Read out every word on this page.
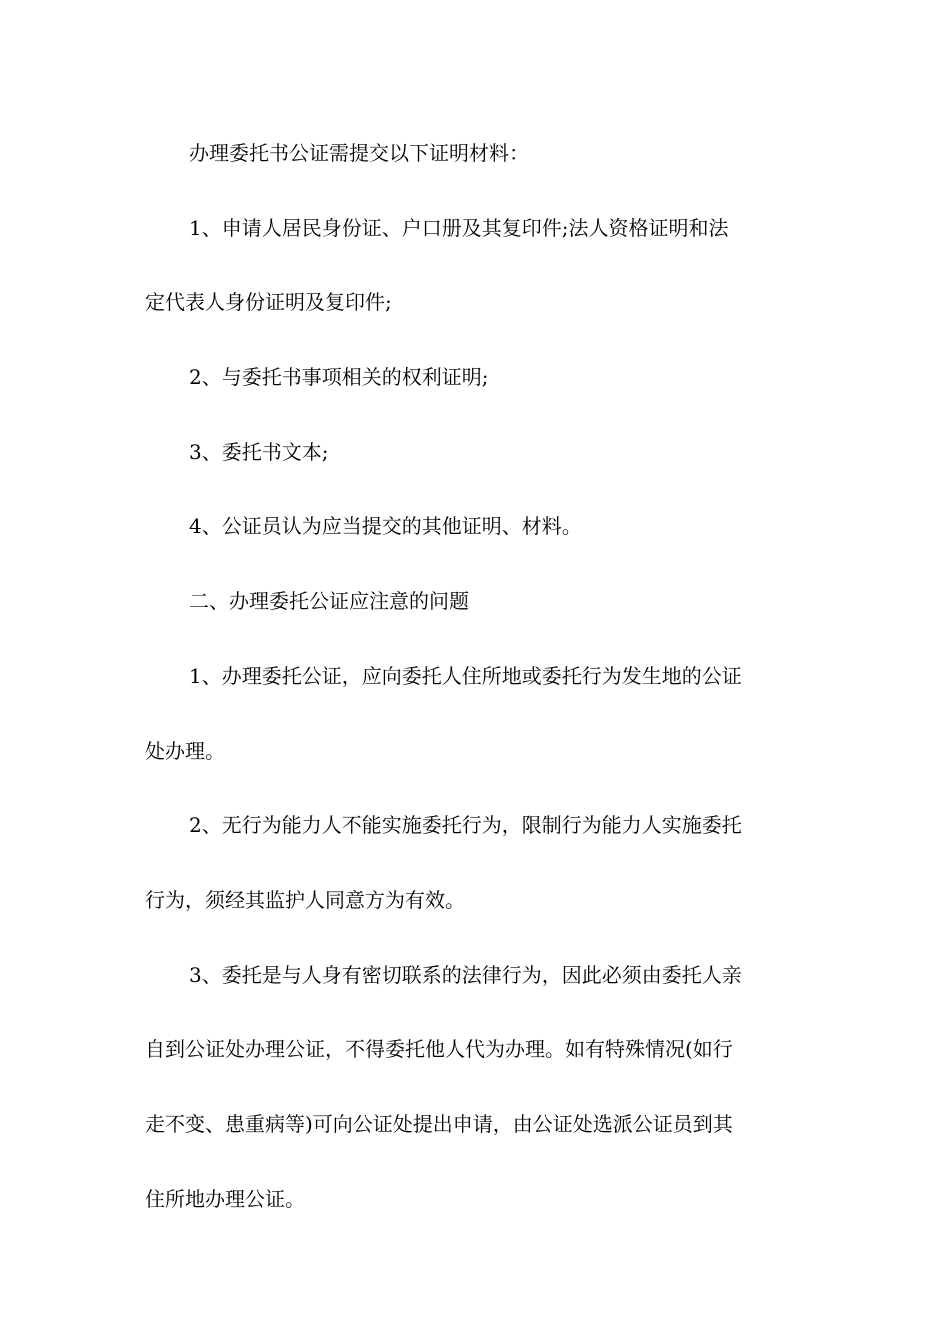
办理委托书公证需提交以下证明材料：
1、申请人居民身份证、户口册及其复印件;法人资格证明和法
定代表人身份证明及复印件;
2、与委托书事项相关的权利证明;
3、委托书文本;
4、公证员认为应当提交的其他证明、材料。
二、办理委托公证应注意的问题
1、办理委托公证，应向委托人住所地或委托行为发生地的公证
处办理。
2、无行为能力人不能实施委托行为，限制行为能力人实施委托
行为，须经其监护人同意方为有效。
3、委托是与人身有密切联系的法律行为，因此必须由委托人亲
自到公证处办理公证，不得委托他人代为办理。如有特殊情况(如行
走不变、患重病等)可向公证处提出申请，由公证处选派公证员到其
住所地办理公证。
